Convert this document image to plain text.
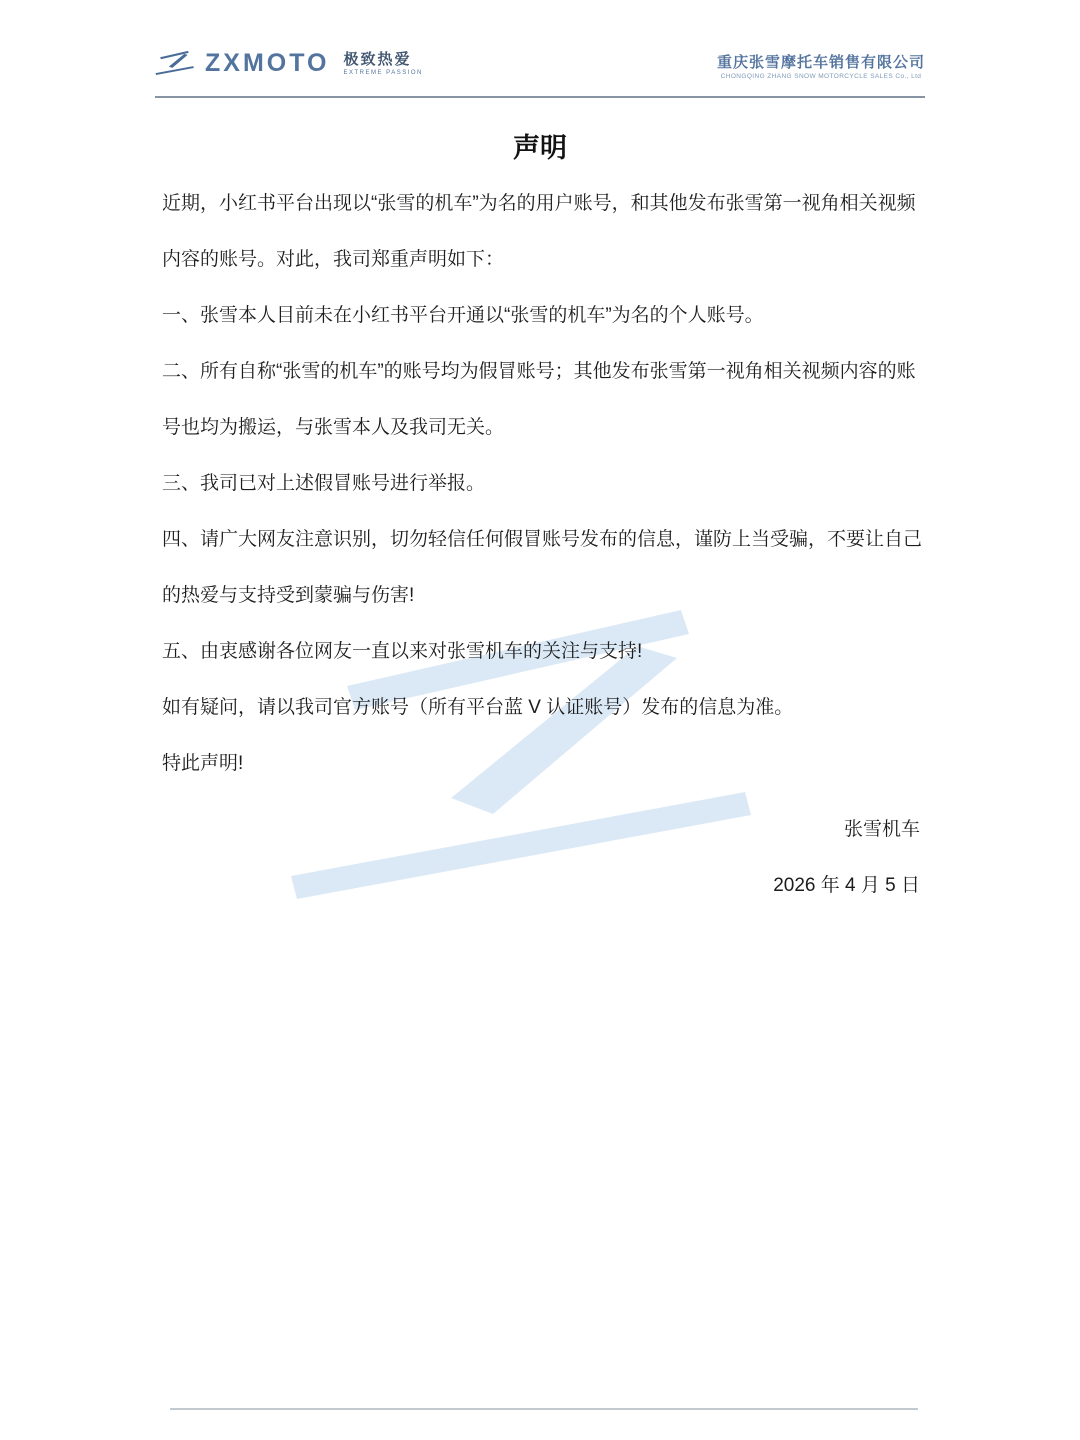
ZXMOTO 极致热爱
EXTREME PASSION
重庆张雪摩托车销售有限公司
CHONGQING ZHANG SNOW MOTORCYCLE SALES Co., Ltd
声明
近期，小红书平台出现以“张雪的机车”为名的用户账号，和其他发布张雪第一视角相关视频
内容的账号。对此，我司郑重声明如下：
一、张雪本人目前未在小红书平台开通以“张雪的机车”为名的个人账号。
二、所有自称“张雪的机车”的账号均为假冒账号；其他发布张雪第一视角相关视频内容的账
号也均为搬运，与张雪本人及我司无关。
三、我司已对上述假冒账号进行举报。
四、请广大网友注意识别，切勿轻信任何假冒账号发布的信息，谨防上当受骗，不要让自己
的热爱与支持受到蒙骗与伤害!
五、由衷感谢各位网友一直以来对张雪机车的关注与支持!
如有疑问，请以我司官方账号（所有平台蓝 V 认证账号）发布的信息为准。
特此声明!
张雪机车
2026 年 4 月 5 日
